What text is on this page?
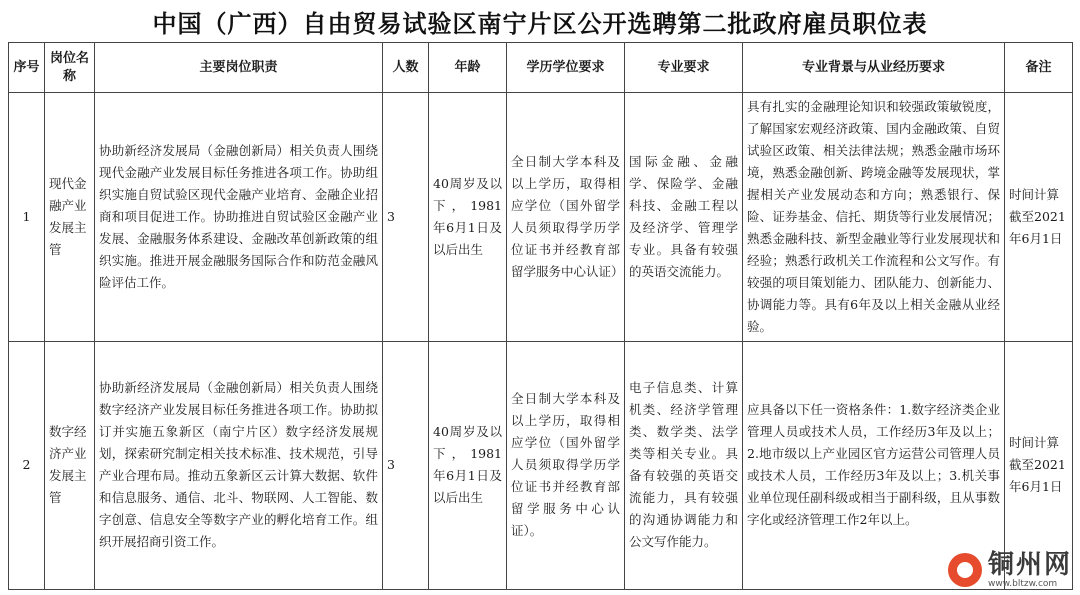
中国（广西）自由贸易试验区南宁片区公开选聘第二批政府雇员职位表
序号	岗位名称	主要岗位职责	人数	年龄	学历学位要求	专业要求	专业背景与从业经历要求	备注
1	现代金融产业发展主管	协助新经济发展局（金融创新局）相关负责人围绕现代金融产业发展目标任务推进各项工作。协助组织实施自贸试验区现代金融产业培育、金融企业招商和项目促进工作。协助推进自贸试验区金融产业发展、金融服务体系建设、金融改革创新政策的组织实施。推进开展金融服务国际合作和防范金融风险评估工作。	3	40周岁及以下，1981年6月1日及以后出生	全日制大学本科及以上学历，取得相应学位（国外留学人员须取得学历学位证书并经教育部留学服务中心认证）	国际金融、金融学、保险学、金融科技、金融工程以及经济学、管理学专业。具备有较强的英语交流能力。	具有扎实的金融理论知识和较强政策敏锐度，了解国家宏观经济政策、国内金融政策、自贸试验区政策、相关法律法规；熟悉金融市场环境，熟悉金融创新、跨境金融等发展现状，掌握相关产业发展动态和方向；熟悉银行、保险、证券基金、信托、期货等行业发展情况；熟悉金融科技、新型金融业等行业发展现状和经验；熟悉行政机关工作流程和公文写作。有较强的项目策划能力、团队能力、创新能力、协调能力等。具有6年及以上相关金融从业经验。	时间计算截至2021年6月1日
2	数字经济产业发展主管	协助新经济发展局（金融创新局）相关负责人围绕数字经济产业发展目标任务推进各项工作。协助拟订并实施五象新区（南宁片区）数字经济发展规划，探索研究制定相关技术标准、技术规范，引导产业合理布局。推动五象新区云计算大数据、软件和信息服务、通信、北斗、物联网、人工智能、数字创意、信息安全等数字产业的孵化培育工作。组织开展招商引资工作。	3	40周岁及以下，1981年6月1日及以后出生	全日制大学本科及以上学历，取得相应学位（国外留学人员须取得学历学位证书并经教育部留学服务中心认证）。	电子信息类、计算机类、经济学管理类、数学类、法学类等相关专业。具备有较强的英语交流能力，具有较强的沟通协调能力和公文写作能力。	应具备以下任一资格条件：1.数字经济类企业管理人员或技术人员，工作经历3年及以上；2.地市级以上产业园区官方运营公司管理人员或技术人员，工作经历3年及以上；3.机关事业单位现任副科级或相当于副科级，且从事数字化或经济管理工作2年以上。	时间计算截至2021年6月1日
铜州网
www.bltzw.com
